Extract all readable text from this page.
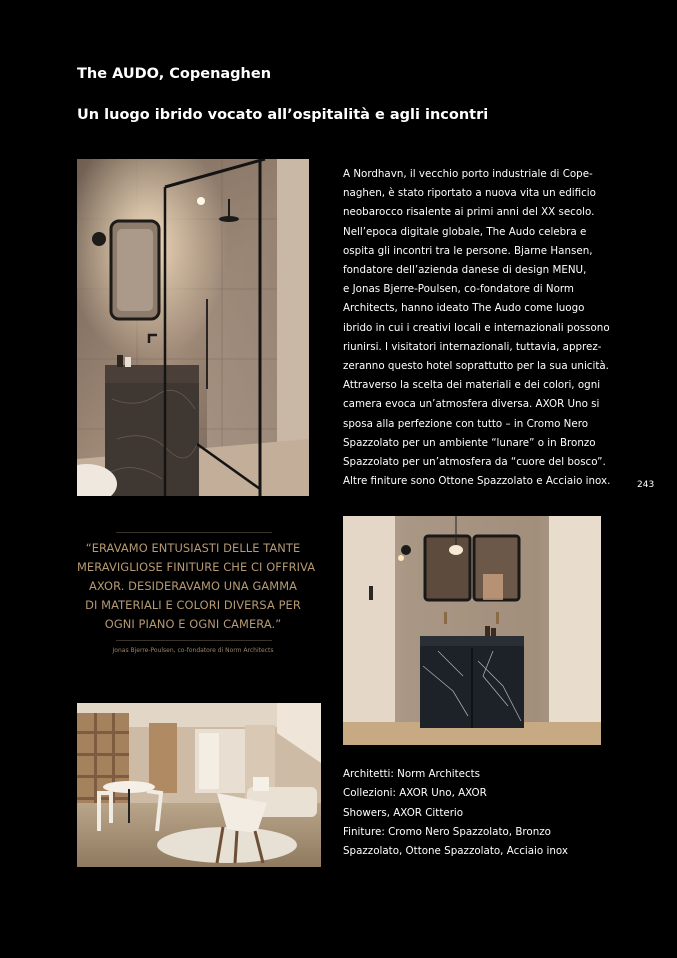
The AUDO, Copenaghen
Un luogo ibrido vocato all’ospitalità e agli incontri

A Nordhavn, il vecchio porto industriale di Cope-

naghen, è stato riportato a nuova vita un edificio

neobarocco risalente ai primi anni del XX secolo.

Nell’epoca digitale globale, The Audo celebra e

ospita gli incontri tra le persone. Bjarne Hansen,

fondatore dell’azienda danese di design MENU,

e Jonas Bjerre-Poulsen, co-fondatore di Norm

Architects, hanno ideato The Audo come luogo

ibrido in cui i creativi locali e internazionali possono

riunirsi. I visitatori internazionali, tuttavia, apprez-

zeranno questo hotel soprattutto per la sua unicità.

Attraverso la scelta dei materiali e dei colori, ogni

camera evoca un’atmosfera diversa. AXOR Uno si

sposa alla perfezione con tutto – in Cromo Nero

Spazzolato per un ambiente “lunare” o in Bronzo

Spazzolato per un’atmosfera da “cuore del bosco”.

Altre finiture sono Ottone Spazzolato e Acciaio inox.	243

“ERAVAMO ENTUSIASTI DELLE TANTE

MERAVIGLIOSE FINITURE CHE CI OFFRIVA

AXOR. DESIDERAVAMO UNA GAMMA

DI MATERIALI E COLORI DIVERSA PER

OGNI PIANO E OGNI CAMERA.”

Jonas Bjerre-Poulsen, co-fondatore di Norm Architects

Architetti: Norm Architects

Collezioni: AXOR Uno, AXOR

Showers, AXOR Citterio

Finiture: Cromo Nero Spazzolato, Bronzo

Spazzolato, Ottone Spazzolato, Acciaio inox
